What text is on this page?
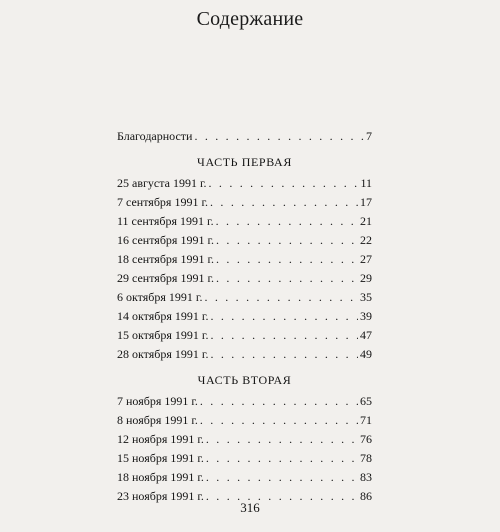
Содержание
Благодарности . . .	7
ЧАСТЬ ПЕРВАЯ
25 августа 1991 г. . . .	11
7 сентября 1991 г. . . .	17
11 сентября 1991 г. . . .	21
16 сентября 1991 г. . . .	22
18 сентября 1991 г. . . .	27
29 сентября 1991 г. . . .	29
6 октября 1991 г. . . .	35
14 октября 1991 г. . . .	39
15 октября 1991 г. . . .	47
28 октября 1991 г. . . .	49
ЧАСТЬ ВТОРАЯ
7 ноября 1991 г. . . .	65
8 ноября 1991 г. . . .	71
12 ноября 1991 г. . . .	76
15 ноября 1991 г. . . .	78
18 ноября 1991 г. . . .	83
23 ноября 1991 г. . . .	86
316
